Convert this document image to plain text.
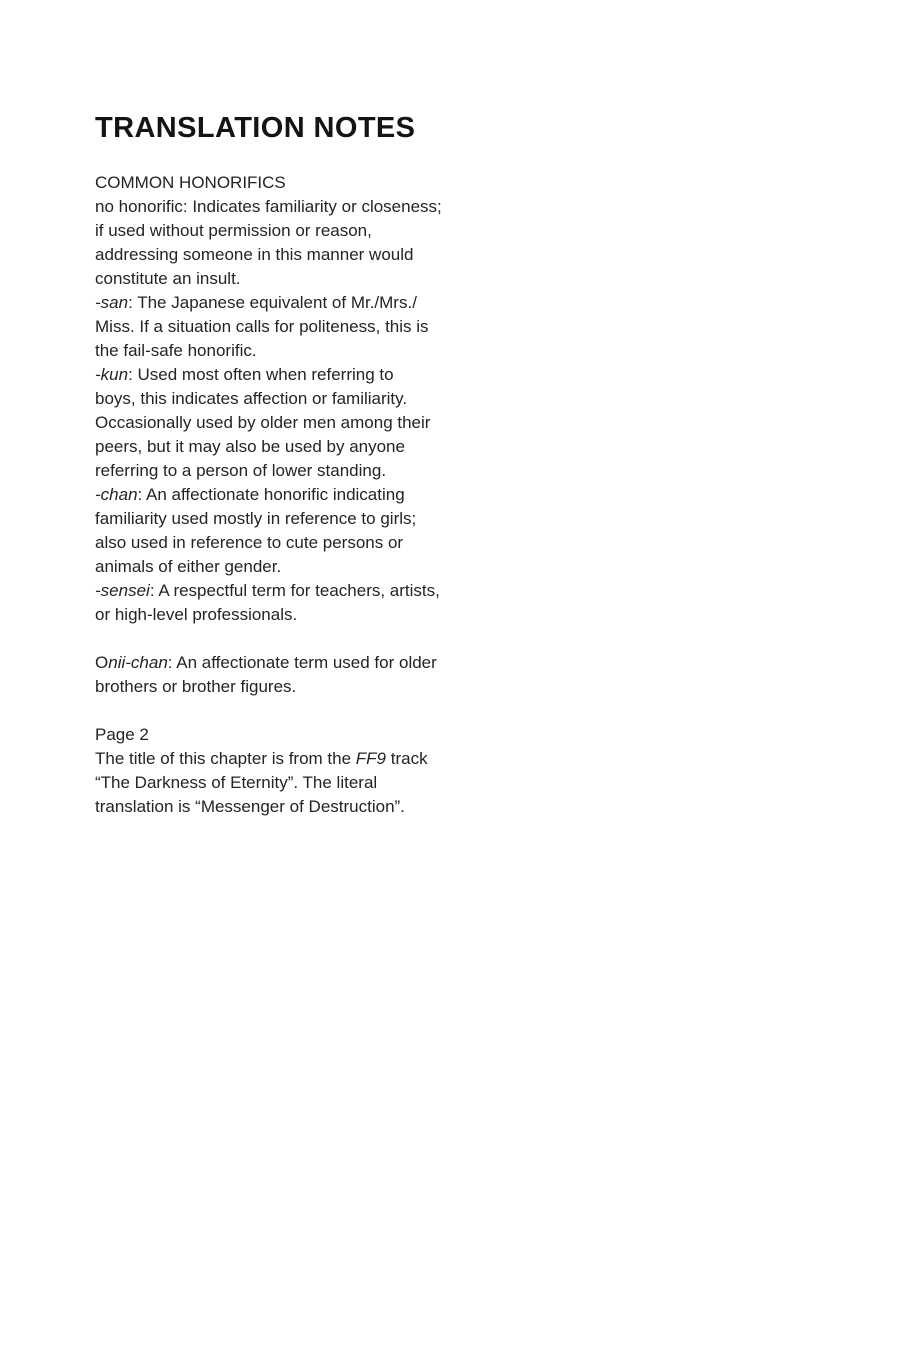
TRANSLATION NOTES
COMMON HONORIFICS
no honorific: Indicates familiarity or closeness;
if used without permission or reason,
addressing someone in this manner would
constitute an insult.
-san: The Japanese equivalent of Mr./Mrs./
Miss. If a situation calls for politeness, this is
the fail-safe honorific.
-kun: Used most often when referring to
boys, this indicates affection or familiarity.
Occasionally used by older men among their
peers, but it may also be used by anyone
referring to a person of lower standing.
-chan: An affectionate honorific indicating
familiarity used mostly in reference to girls;
also used in reference to cute persons or
animals of either gender.
-sensei: A respectful term for teachers, artists,
or high-level professionals.
Onii-chan: An affectionate term used for older
brothers or brother figures.
Page 2
The title of this chapter is from the FF9 track
“The Darkness of Eternity”. The literal
translation is “Messenger of Destruction”.
